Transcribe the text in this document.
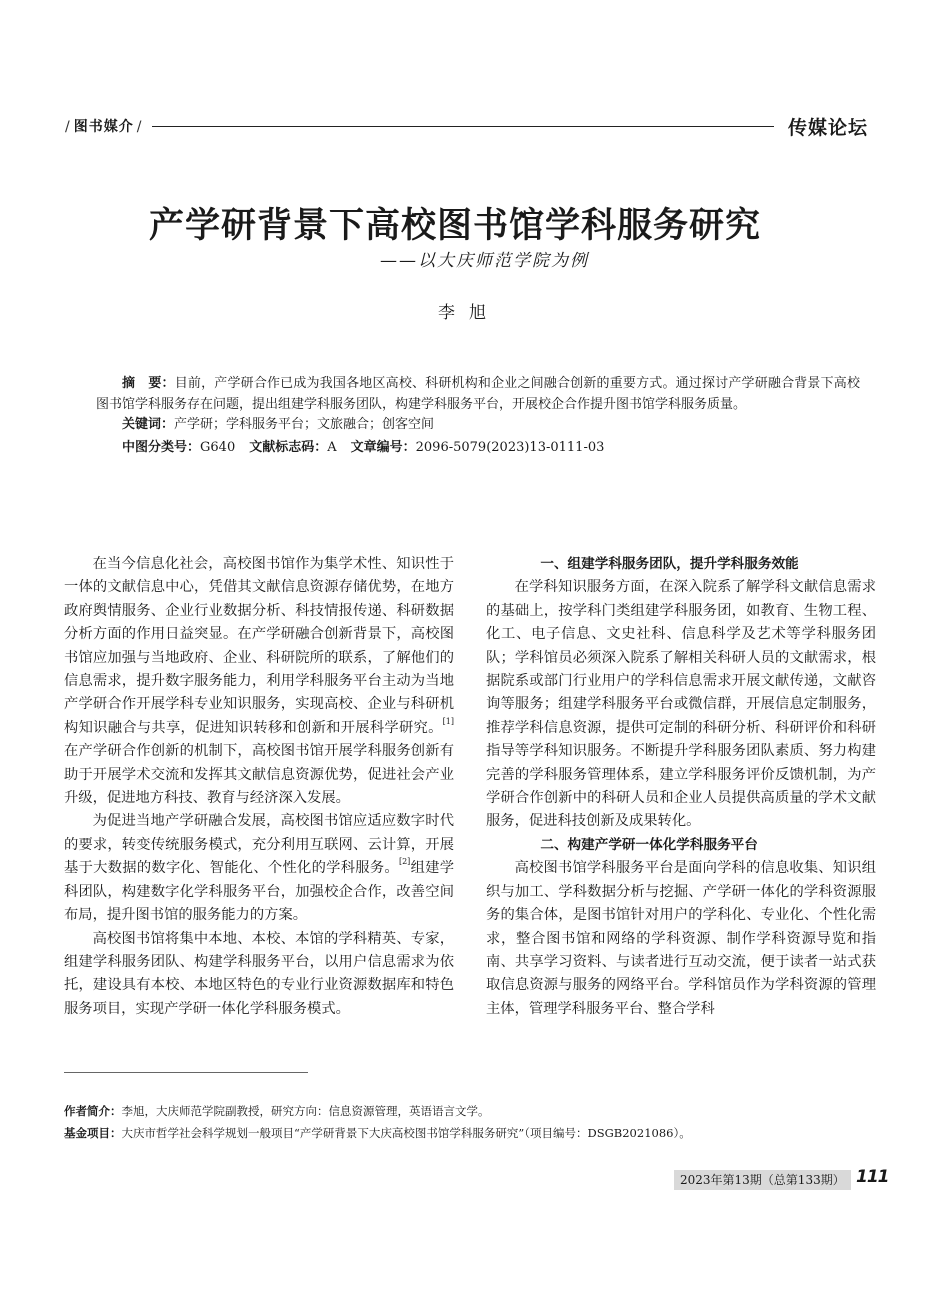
/ 图书媒介 /	传媒论坛
产学研背景下高校图书馆学科服务研究
——以大庆师范学院为例
李旭

摘　要：目前，产学研合作已成为我国各地区高校、科研机构和企业之间融合创新的重要方式。通过探讨产学研融合背景下高校图书馆学科服务存在问题，提出组建学科服务团队，构建学科服务平台，开展校企合作提升图书馆学科服务质量。

关键词：产学研；学科服务平台；文旅融合；创客空间

中图分类号：G640 文献标志码：A 文章编号：2096-5079(2023)13-0111-03

在当今信息化社会，高校图书馆作为集学术性、知识性于一体的文献信息中心，凭借其文献信息资源存储优势，在地方政府舆情服务、企业行业数据分析、科技情报传递、科研数据分析方面的作用日益突显。在产学研融合创新背景下，高校图书馆应加强与当地政府、企业、科研院所的联系，了解他们的信息需求，提升数字服务能力，利用学科服务平台主动为当地产学研合作开展学科专业知识服务，实现高校、企业与科研机构知识融合与共享，促进知识转移和创新和开展科学研究。[1]在产学研合作创新的机制下，高校图书馆开展学科服务创新有助于开展学术交流和发挥其文献信息资源优势，促进社会产业升级，促进地方科技、教育与经济深入发展。

为促进当地产学研融合发展，高校图书馆应适应数字时代的要求，转变传统服务模式，充分利用互联网、云计算，开展基于大数据的数字化、智能化、个性化的学科服务。[2]组建学科团队，构建数字化学科服务平台，加强校企合作，改善空间布局，提升图书馆的服务能力的方案。

高校图书馆将集中本地、本校、本馆的学科精英、专家，组建学科服务团队、构建学科服务平台，以用户信息需求为依托，建设具有本校、本地区特色的专业行业资源数据库和特色服务项目，实现产学研一体化学科服务模式。

一、组建学科服务团队，提升学科服务效能

在学科知识服务方面，在深入院系了解学科文献信息需求的基础上，按学科门类组建学科服务团，如教育、生物工程、化工、电子信息、文史社科、信息科学及艺术等学科服务团队；学科馆员必须深入院系了解相关科研人员的文献需求，根据院系或部门行业用户的学科信息需求开展文献传递，文献咨询等服务；组建学科服务平台或微信群，开展信息定制服务，推荐学科信息资源，提供可定制的科研分析、科研评价和科研指导等学科知识服务。不断提升学科服务团队素质、努力构建完善的学科服务管理体系，建立学科服务评价反馈机制，为产学研合作创新中的科研人员和企业人员提供高质量的学术文献服务，促进科技创新及成果转化。

二、构建产学研一体化学科服务平台

高校图书馆学科服务平台是面向学科的信息收集、知识组织与加工、学科数据分析与挖掘、产学研一体化的学科资源服务的集合体，是图书馆针对用户的学科化、专业化、个性化需求，整合图书馆和网络的学科资源、制作学科资源导览和指南、共享学习资料、与读者进行互动交流，便于读者一站式获取信息资源与服务的网络平台。学科馆员作为学科资源的管理主体，管理学科服务平台、整合学科

作者简介：李旭，大庆师范学院副教授，研究方向：信息资源管理，英语语言文学。
基金项目：大庆市哲学社会科学规划一般项目“产学研背景下大庆高校图书馆学科服务研究”（项目编号：DSGB2021086）。
2023年第13期（总第133期） 111
